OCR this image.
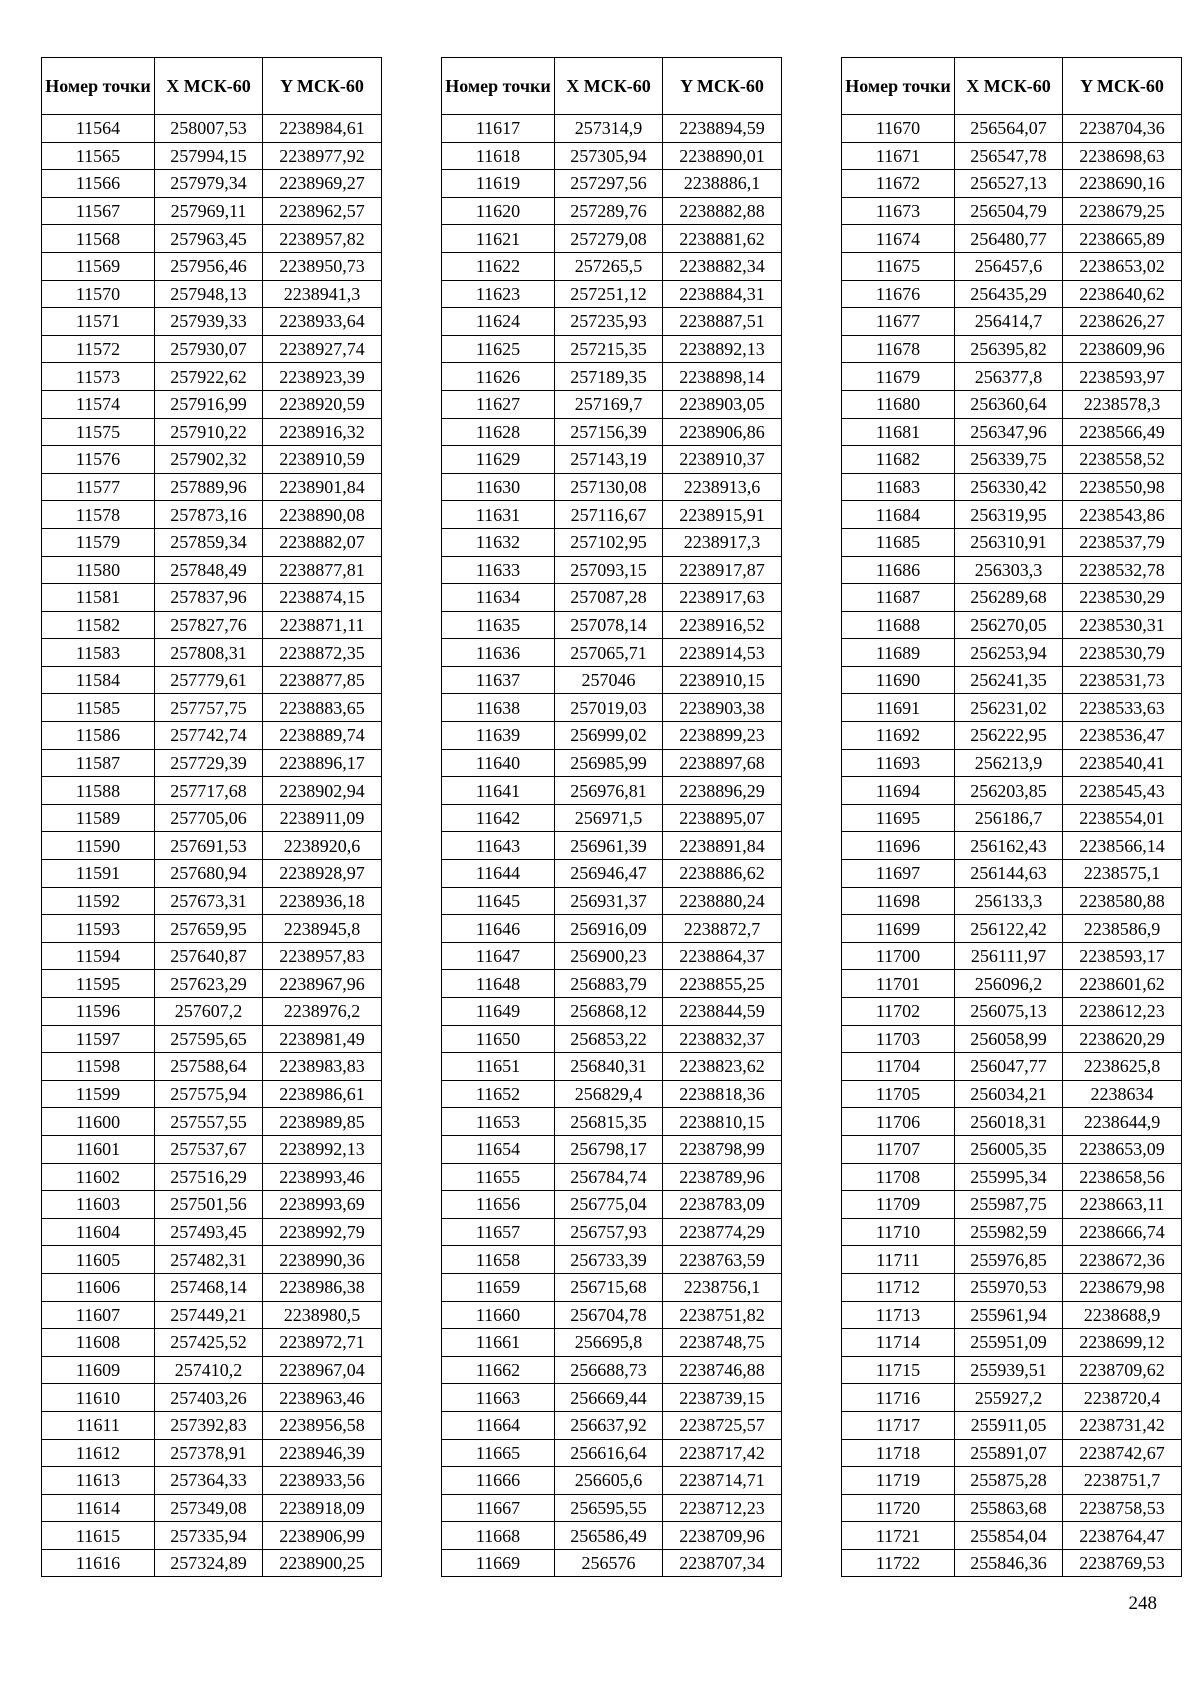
Номер точки	X МСК-60	Y МСК-60
11564	258007,53	2238984,61
11565	257994,15	2238977,92
11566	257979,34	2238969,27
11567	257969,11	2238962,57
11568	257963,45	2238957,82
11569	257956,46	2238950,73
11570	257948,13	2238941,3
11571	257939,33	2238933,64
11572	257930,07	2238927,74
11573	257922,62	2238923,39
11574	257916,99	2238920,59
11575	257910,22	2238916,32
11576	257902,32	2238910,59
11577	257889,96	2238901,84
11578	257873,16	2238890,08
11579	257859,34	2238882,07
11580	257848,49	2238877,81
11581	257837,96	2238874,15
11582	257827,76	2238871,11
11583	257808,31	2238872,35
11584	257779,61	2238877,85
11585	257757,75	2238883,65
11586	257742,74	2238889,74
11587	257729,39	2238896,17
11588	257717,68	2238902,94
11589	257705,06	2238911,09
11590	257691,53	2238920,6
11591	257680,94	2238928,97
11592	257673,31	2238936,18
11593	257659,95	2238945,8
11594	257640,87	2238957,83
11595	257623,29	2238967,96
11596	257607,2	2238976,2
11597	257595,65	2238981,49
11598	257588,64	2238983,83
11599	257575,94	2238986,61
11600	257557,55	2238989,85
11601	257537,67	2238992,13
11602	257516,29	2238993,46
11603	257501,56	2238993,69
11604	257493,45	2238992,79
11605	257482,31	2238990,36
11606	257468,14	2238986,38
11607	257449,21	2238980,5
11608	257425,52	2238972,71
11609	257410,2	2238967,04
11610	257403,26	2238963,46
11611	257392,83	2238956,58
11612	257378,91	2238946,39
11613	257364,33	2238933,56
11614	257349,08	2238918,09
11615	257335,94	2238906,99
11616	257324,89	2238900,25
Номер точки	X МСК-60	Y МСК-60
11617	257314,9	2238894,59
11618	257305,94	2238890,01
11619	257297,56	2238886,1
11620	257289,76	2238882,88
11621	257279,08	2238881,62
11622	257265,5	2238882,34
11623	257251,12	2238884,31
11624	257235,93	2238887,51
11625	257215,35	2238892,13
11626	257189,35	2238898,14
11627	257169,7	2238903,05
11628	257156,39	2238906,86
11629	257143,19	2238910,37
11630	257130,08	2238913,6
11631	257116,67	2238915,91
11632	257102,95	2238917,3
11633	257093,15	2238917,87
11634	257087,28	2238917,63
11635	257078,14	2238916,52
11636	257065,71	2238914,53
11637	257046	2238910,15
11638	257019,03	2238903,38
11639	256999,02	2238899,23
11640	256985,99	2238897,68
11641	256976,81	2238896,29
11642	256971,5	2238895,07
11643	256961,39	2238891,84
11644	256946,47	2238886,62
11645	256931,37	2238880,24
11646	256916,09	2238872,7
11647	256900,23	2238864,37
11648	256883,79	2238855,25
11649	256868,12	2238844,59
11650	256853,22	2238832,37
11651	256840,31	2238823,62
11652	256829,4	2238818,36
11653	256815,35	2238810,15
11654	256798,17	2238798,99
11655	256784,74	2238789,96
11656	256775,04	2238783,09
11657	256757,93	2238774,29
11658	256733,39	2238763,59
11659	256715,68	2238756,1
11660	256704,78	2238751,82
11661	256695,8	2238748,75
11662	256688,73	2238746,88
11663	256669,44	2238739,15
11664	256637,92	2238725,57
11665	256616,64	2238717,42
11666	256605,6	2238714,71
11667	256595,55	2238712,23
11668	256586,49	2238709,96
11669	256576	2238707,34
Номер точки	X МСК-60	Y МСК-60
11670	256564,07	2238704,36
11671	256547,78	2238698,63
11672	256527,13	2238690,16
11673	256504,79	2238679,25
11674	256480,77	2238665,89
11675	256457,6	2238653,02
11676	256435,29	2238640,62
11677	256414,7	2238626,27
11678	256395,82	2238609,96
11679	256377,8	2238593,97
11680	256360,64	2238578,3
11681	256347,96	2238566,49
11682	256339,75	2238558,52
11683	256330,42	2238550,98
11684	256319,95	2238543,86
11685	256310,91	2238537,79
11686	256303,3	2238532,78
11687	256289,68	2238530,29
11688	256270,05	2238530,31
11689	256253,94	2238530,79
11690	256241,35	2238531,73
11691	256231,02	2238533,63
11692	256222,95	2238536,47
11693	256213,9	2238540,41
11694	256203,85	2238545,43
11695	256186,7	2238554,01
11696	256162,43	2238566,14
11697	256144,63	2238575,1
11698	256133,3	2238580,88
11699	256122,42	2238586,9
11700	256111,97	2238593,17
11701	256096,2	2238601,62
11702	256075,13	2238612,23
11703	256058,99	2238620,29
11704	256047,77	2238625,8
11705	256034,21	2238634
11706	256018,31	2238644,9
11707	256005,35	2238653,09
11708	255995,34	2238658,56
11709	255987,75	2238663,11
11710	255982,59	2238666,74
11711	255976,85	2238672,36
11712	255970,53	2238679,98
11713	255961,94	2238688,9
11714	255951,09	2238699,12
11715	255939,51	2238709,62
11716	255927,2	2238720,4
11717	255911,05	2238731,42
11718	255891,07	2238742,67
11719	255875,28	2238751,7
11720	255863,68	2238758,53
11721	255854,04	2238764,47
11722	255846,36	2238769,53
248
